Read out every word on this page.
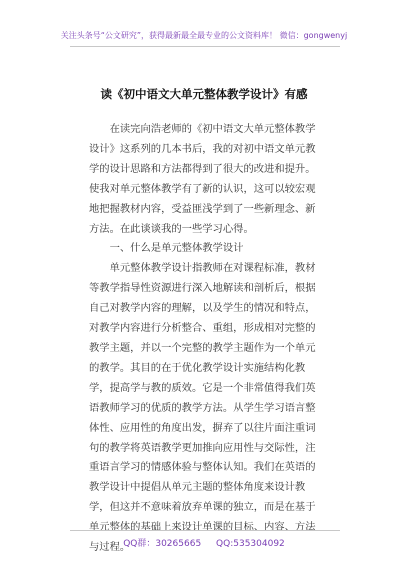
关注头条号“公文研究”，获得最新最全最专业的公文资料库！ 微信：gongwenyj
读《初中语文大单元整体教学设计》有感

在读完向浩老师的《初中语文大单元整体教学设计》这系列的几本书后，我的对初中语文单元教学的设计思路和方法都得到了很大的改进和提升。使我对单元整体教学有了新的认识，这可以较宏观地把握教材内容，受益匪浅学到了一些新理念、新方法。在此谈谈我的一些学习心得。

一、什么是单元整体教学设计

单元整体教学设计指教师在对课程标准，教材等教学指导性资源进行深入地解读和剖析后，根据自己对教学内容的理解，以及学生的情况和特点，对教学内容进行分析整合、重组，形成相对完整的教学主题，并以一个完整的教学主题作为一个单元的教学。其目的在于优化教学设计实施结构化教学，提高学与教的质效。它是一个非常值得我们英语教师学习的优质的教学方法。从学生学习语言整体性、应用性的角度出发，摒弃了以往片面注重词句的教学将英语教学更加推向应用性与交际性，注重语言学习的情感体验与整体认知。我们在英语的教学设计中提倡从单元主题的整体角度来设计教学，但这并不意味着放弃单课的独立，而是在基于单元整体的基础上来设计单课的目标、内容、方法与过程。

QQ群：30265665 QQ:535304092
